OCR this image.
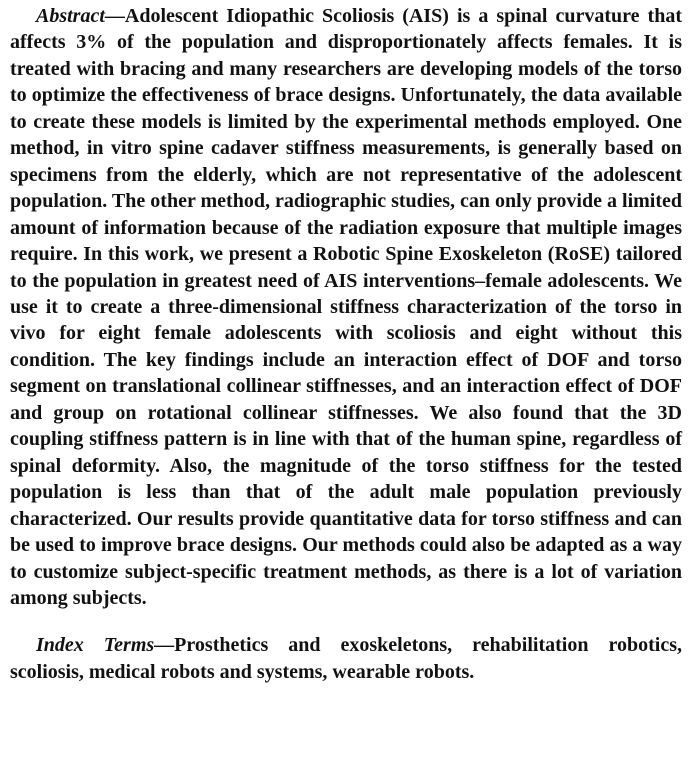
Abstract—Adolescent Idiopathic Scoliosis (AIS) is a spinal curvature that affects 3% of the population and disproportionately affects females. It is treated with bracing and many researchers are developing models of the torso to optimize the effectiveness of brace designs. Unfortunately, the data available to create these models is limited by the experimental methods employed. One method, in vitro spine cadaver stiffness measurements, is generally based on specimens from the elderly, which are not representative of the adolescent population. The other method, radiographic studies, can only provide a limited amount of information because of the radiation exposure that multiple images require. In this work, we present a Robotic Spine Exoskeleton (RoSE) tailored to the population in greatest need of AIS interventions–female adolescents. We use it to create a three-dimensional stiffness characterization of the torso in vivo for eight female adolescents with scoliosis and eight without this condition. The key findings include an interaction effect of DOF and torso segment on translational collinear stiffnesses, and an interaction effect of DOF and group on rotational collinear stiffnesses. We also found that the 3D coupling stiffness pattern is in line with that of the human spine, regardless of spinal deformity. Also, the magnitude of the torso stiffness for the tested population is less than that of the adult male population previously characterized. Our results provide quantitative data for torso stiffness and can be used to improve brace designs. Our methods could also be adapted as a way to customize subject-specific treatment methods, as there is a lot of variation among subjects.

Index Terms—Prosthetics and exoskeletons, rehabilitation robotics, scoliosis, medical robots and systems, wearable robots.
